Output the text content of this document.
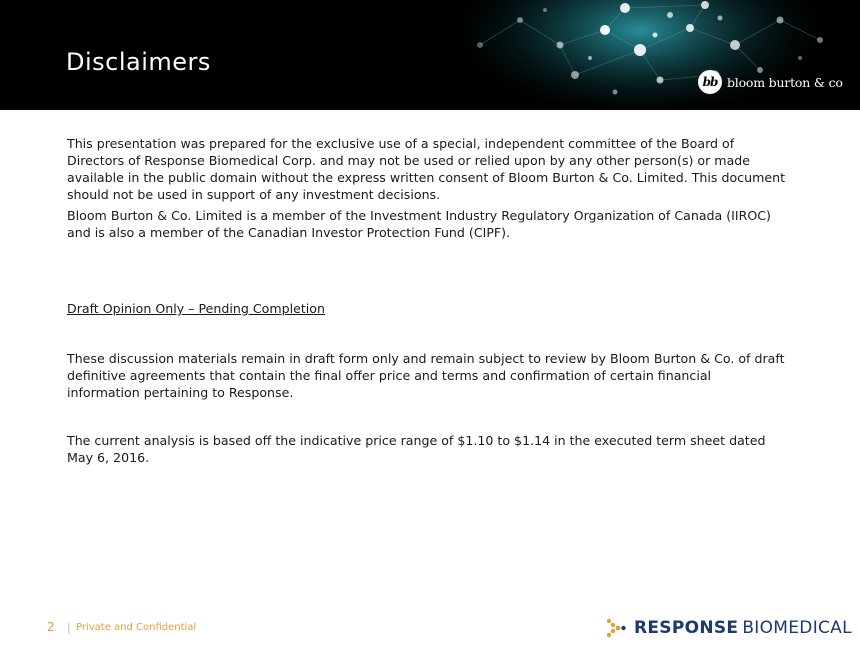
Disclaimers
bb bloom burton & co
This presentation was prepared for the exclusive use of a special, independent committee of the Board of Directors of Response Biomedical Corp. and may not be used or relied upon by any other person(s) or made available in the public domain without the express written consent of Bloom Burton & Co. Limited. This document should not be used in support of any investment decisions.
Bloom Burton & Co. Limited is a member of the Investment Industry Regulatory Organization of Canada (IIROC) and is also a member of the Canadian Investor Protection Fund (CIPF).
Draft Opinion Only – Pending Completion
These discussion materials remain in draft form only and remain subject to review by Bloom Burton & Co. of draft definitive agreements that contain the final offer price and terms and confirmation of certain financial information pertaining to Response.
The current analysis is based off the indicative price range of $1.10 to $1.14 in the executed term sheet dated May 6, 2016.
2 | Private and Confidential	RESPONSE BIOMEDICAL
